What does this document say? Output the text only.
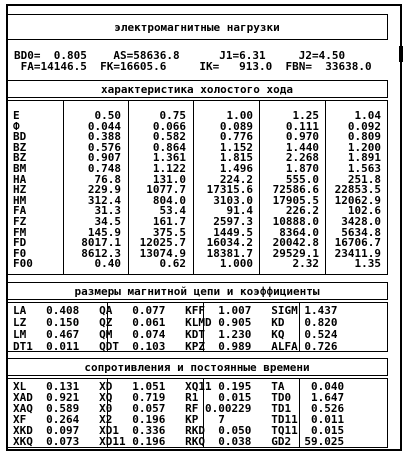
электромагнитные нагрузки
BD0=  0.805    AS=58636.8      J1=6.31     J2=4.50
FA=14146.5  FK=16605.6     IK=   913.0  FBN=  33638.0
характеристика холостого хода
E
Ф
BD
BZ
BZ
BM
HA
HZ
HM
FA
FZ
FM
FD
F0
F00
0.50
0.044
0.388
0.576
0.907
0.748
76.8
229.9
312.4
31.3
34.5
145.9
8017.1
8612.3
0.40
0.75
0.066
0.582
0.864
1.361
1.122
131.0
1077.7
804.0
53.4
161.7
375.5
12025.7
13074.9
0.62
1.00
0.089
0.776
1.152
1.815
1.496
224.2
17315.6
3103.0
91.4
2597.3
1449.5
16034.2
18381.7
1.000
1.25
0.111
0.970
1.440
2.268
1.870
555.0
72586.6
17905.5
226.2
10888.0
8364.0
20042.8
29529.1
2.32
1.04
0.092
0.809
1.200
1.891
1.563
251.8
22853.5
12062.9
102.6
3428.0
5634.8
16706.7
23411.9
1.35
размеры магнитной цепи и коэффициенты
LA   0.408   QA   0.077   KFF  1.007   SIGM 1.437
LZ   0.150   QZ   0.061   KLMD 0.905   KD   0.820
LM   0.467   QM   0.074   KDT  1.230   KQ   0.524
DT1  0.011   QDT  0.103   KPZ  0.989   ALFA 0.726
сопротивления и постоянные времени
XL   0.131   XD   1.051   XQ11 0.195   TA    0.040
XAD  0.921   XQ   0.719   R1   0.015   TD0   1.647
XAQ  0.589   X0   0.057   RF 0.00229   TD1   0.526
XF   0.264   X2   0.196   KP   7       TD11  0.011
XKD  0.097   XD1  0.336   RKD  0.050   TQ11  0.015
XKQ  0.073   XD11 0.196   RKQ  0.038   GD2  59.025
